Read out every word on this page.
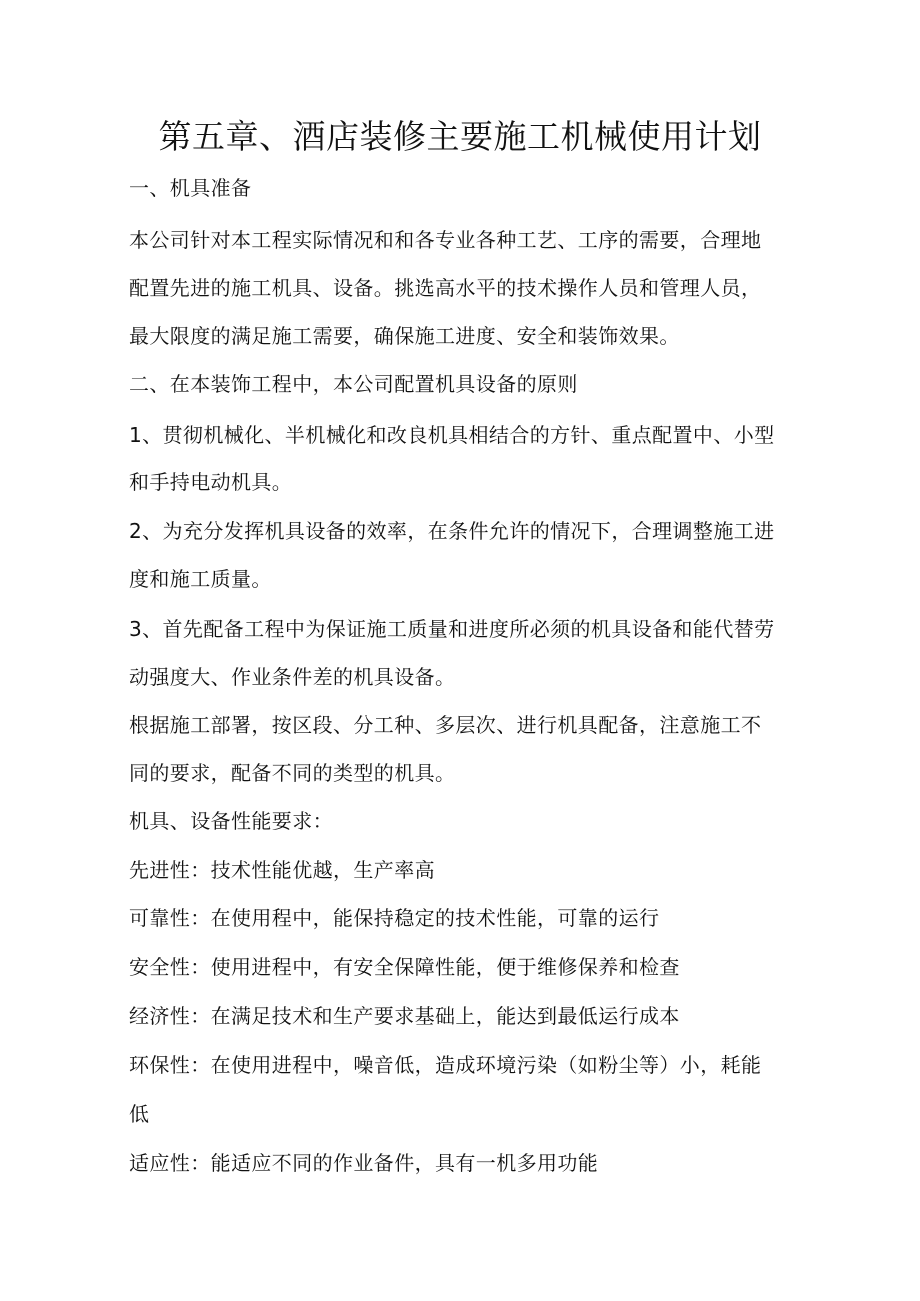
第五章、酒店装修主要施工机械使用计划

一、机具准备

本公司针对本工程实际情况和和各专业各种工艺、工序的需要，合理地

配置先进的施工机具、设备。挑选高水平的技术操作人员和管理人员，

最大限度的满足施工需要，确保施工进度、安全和装饰效果。

二、在本装饰工程中，本公司配置机具设备的原则

1、贯彻机械化、半机械化和改良机具相结合的方针、重点配置中、小型

和手持电动机具。

2、为充分发挥机具设备的效率，在条件允许的情况下，合理调整施工进

度和施工质量。

3、首先配备工程中为保证施工质量和进度所必须的机具设备和能代替劳

动强度大、作业条件差的机具设备。

根据施工部署，按区段、分工种、多层次、进行机具配备，注意施工不

同的要求，配备不同的类型的机具。

机具、设备性能要求：

先进性：技术性能优越，生产率高

可靠性：在使用程中，能保持稳定的技术性能，可靠的运行

安全性：使用进程中，有安全保障性能，便于维修保养和检查

经济性：在满足技术和生产要求基础上，能达到最低运行成本

环保性：在使用进程中，噪音低，造成环境污染（如粉尘等）小，耗能

低

适应性：能适应不同的作业备件，具有一机多用功能
